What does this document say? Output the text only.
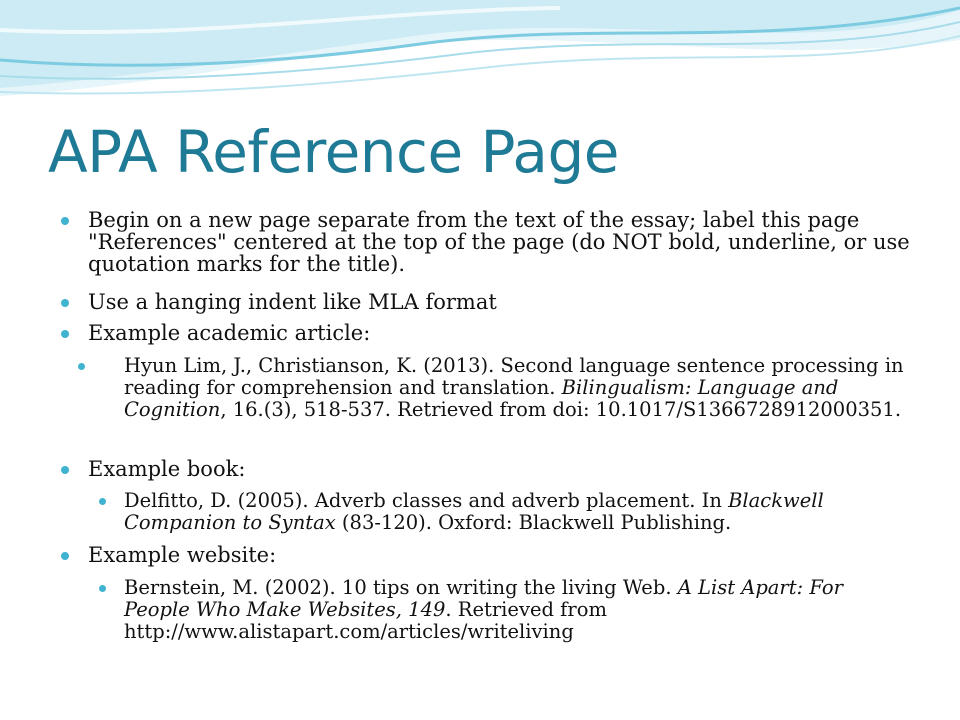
APA Reference Page
Begin on a new page separate from the text of the essay; label this page "References" centered at the top of the page (do NOT bold, underline, or use quotation marks for the title).
Use a hanging indent like MLA format
Example academic article:
Hyun Lim, J., Christianson, K. (2013). Second language sentence processing in reading for comprehension and translation. Bilingualism: Language and Cognition, 16.(3), 518-537. Retrieved from doi: 10.1017/S1366728912000351.
Example book:
Delfitto, D. (2005). Adverb classes and adverb placement. In Blackwell Companion to Syntax (83-120). Oxford: Blackwell Publishing.
Example website:
Bernstein, M. (2002). 10 tips on writing the living Web. A List Apart: For People Who Make Websites, 149. Retrieved from http://www.alistapart.com/articles/writeliving
